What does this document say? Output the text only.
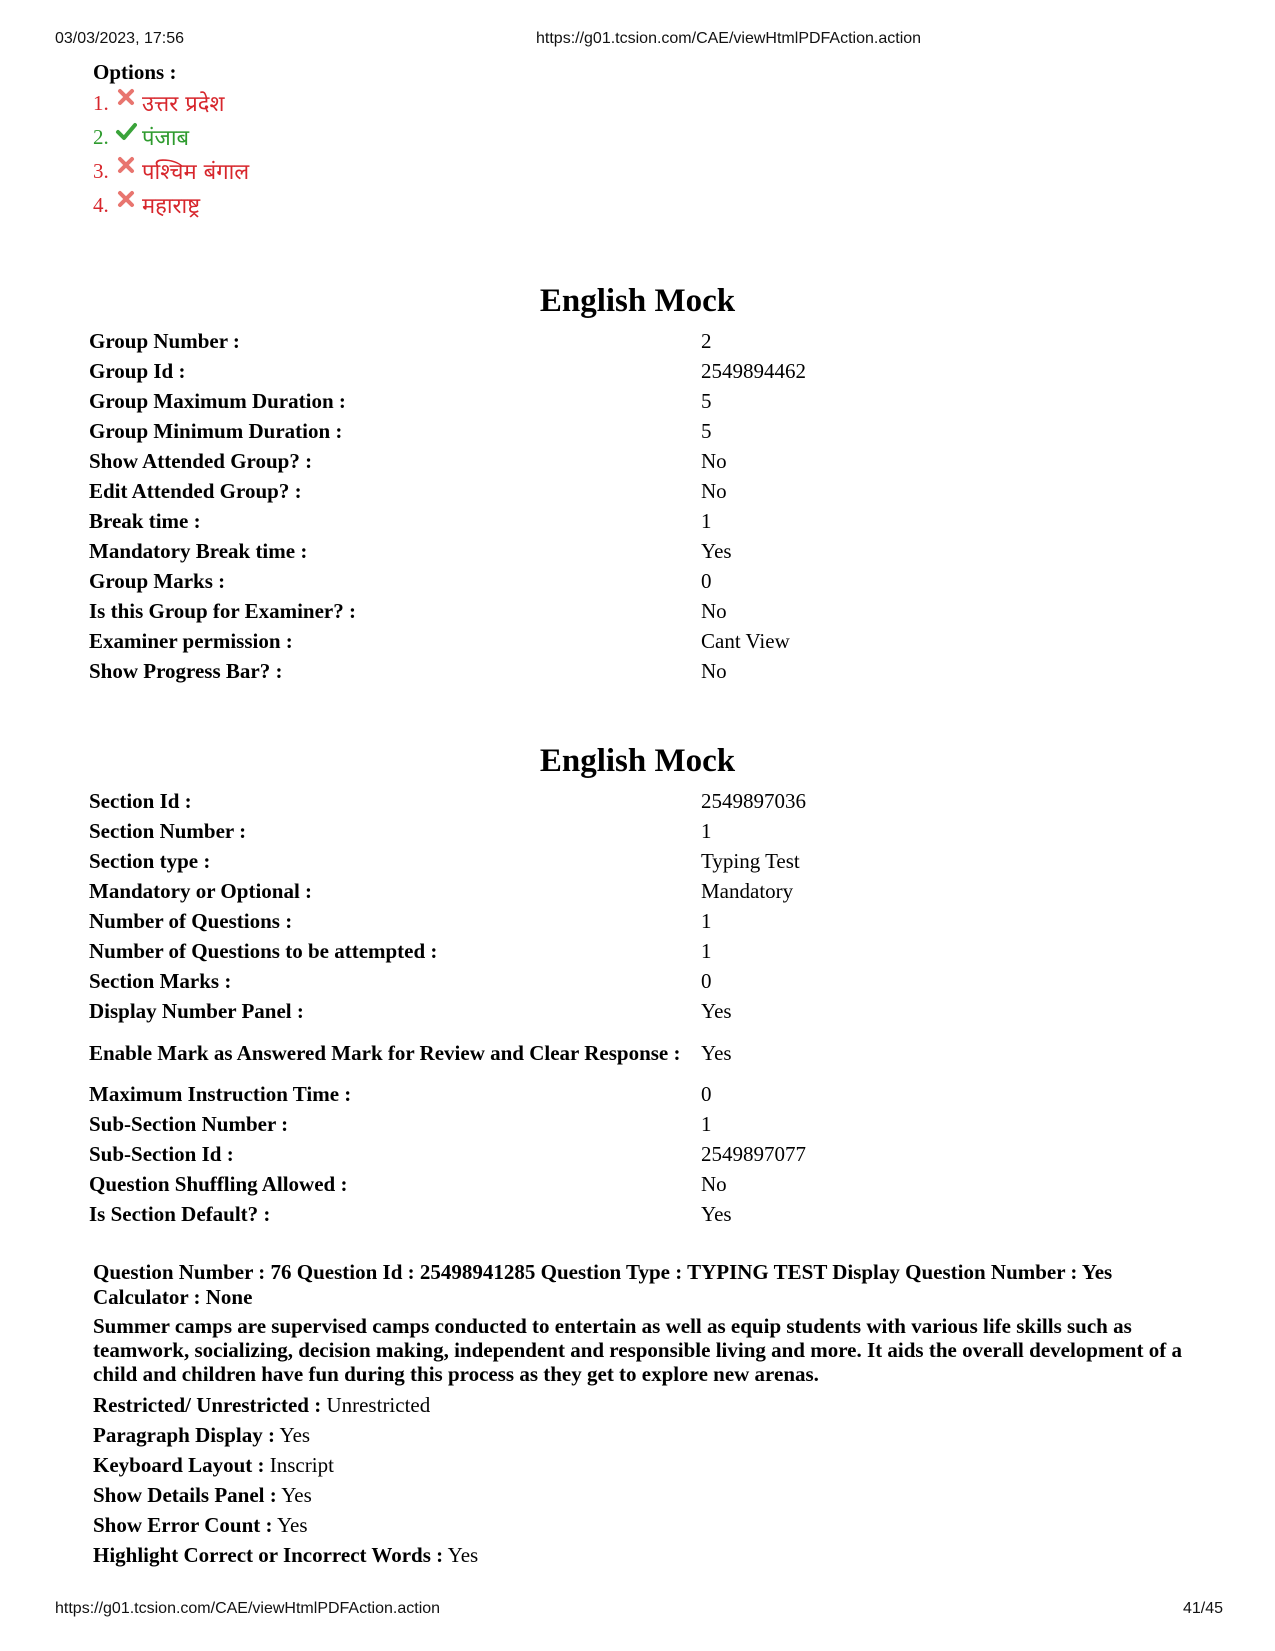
03/03/2023, 17:56	https://g01.tcsion.com/CAE/viewHtmlPDFAction.action
Options :
1. उत्तर प्रदेश
2. पंजाब
3. पश्चिम बंगाल
4. महाराष्ट्र
English Mock
Group Number :	2
Group Id :	2549894462
Group Maximum Duration :	5
Group Minimum Duration :	5
Show Attended Group? :	No
Edit Attended Group? :	No
Break time :	1
Mandatory Break time :	Yes
Group Marks :	0
Is this Group for Examiner? :	No
Examiner permission :	Cant View
Show Progress Bar? :	No
English Mock
Section Id :	2549897036
Section Number :	1
Section type :	Typing Test
Mandatory or Optional :	Mandatory
Number of Questions :	1
Number of Questions to be attempted :	1
Section Marks :	0
Display Number Panel :	Yes
Enable Mark as Answered Mark for Review and Clear Response : Yes
Maximum Instruction Time :	0
Sub-Section Number :	1
Sub-Section Id :	2549897077
Question Shuffling Allowed :	No
Is Section Default? :	Yes
Question Number : 76 Question Id : 25498941285 Question Type : TYPING TEST Display Question Number : Yes Calculator : None
Summer camps are supervised camps conducted to entertain as well as equip students with various life skills such as teamwork, socializing, decision making, independent and responsible living and more. It aids the overall development of a child and children have fun during this process as they get to explore new arenas.
Restricted/ Unrestricted : Unrestricted
Paragraph Display : Yes
Keyboard Layout : Inscript
Show Details Panel : Yes
Show Error Count : Yes
Highlight Correct or Incorrect Words : Yes
https://g01.tcsion.com/CAE/viewHtmlPDFAction.action	41/45
